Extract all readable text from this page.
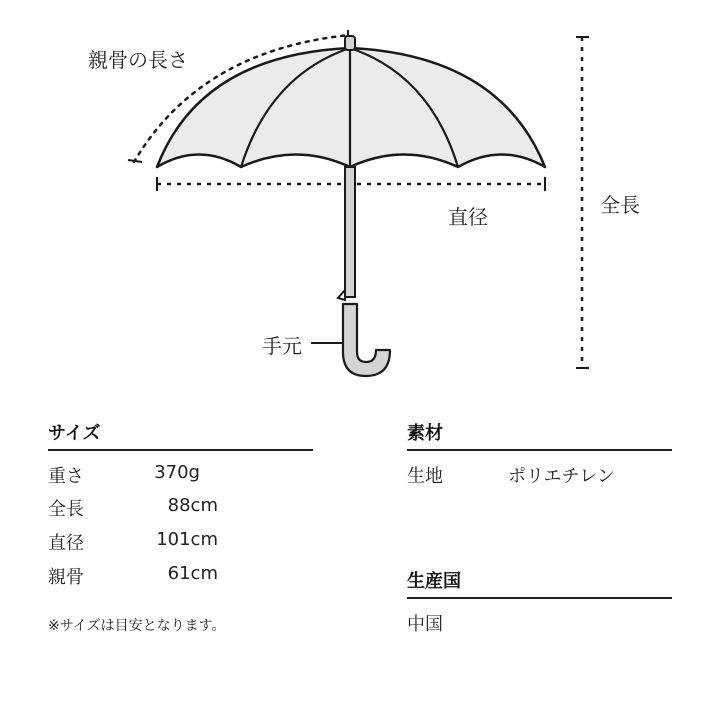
親骨の長さ
直径	全長
手元
サイズ
重さ	370g
全長	88cm
直径	101cm
親骨	61cm
※サイズは目安となります。
素材
生地	ポリエチレン
生産国
中国
